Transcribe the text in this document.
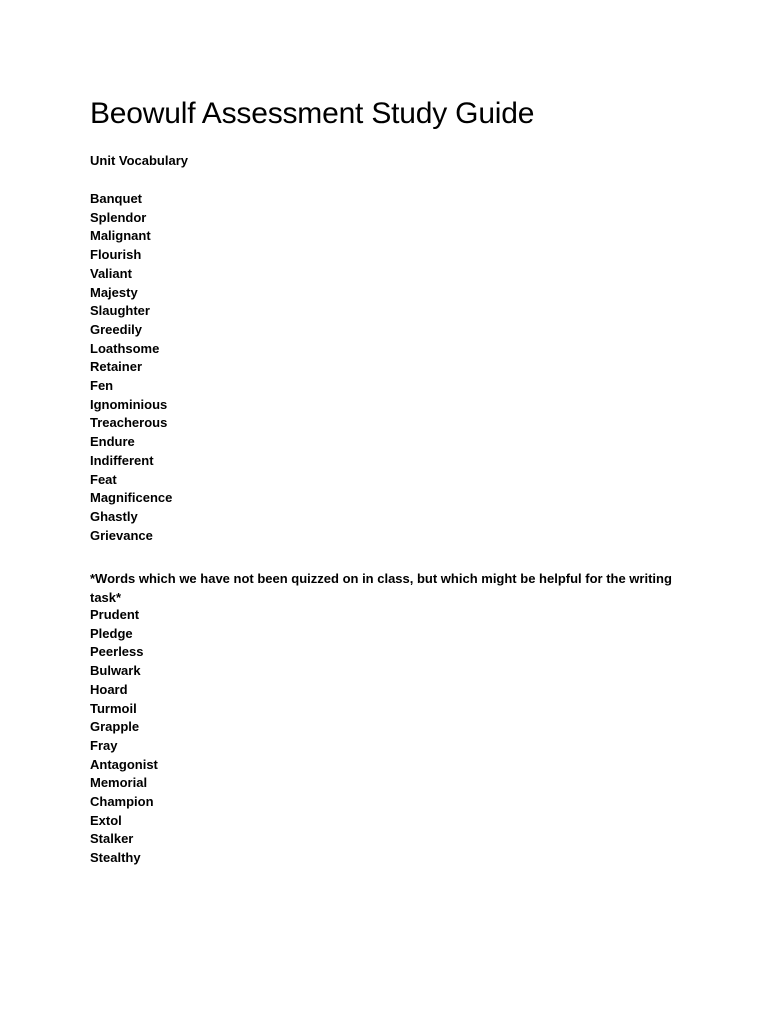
Beowulf Assessment Study Guide
Unit Vocabulary
Banquet
Splendor
Malignant
Flourish
Valiant
Majesty
Slaughter
Greedily
Loathsome
Retainer
Fen
Ignominious
Treacherous
Endure
Indifferent
Feat
Magnificence
Ghastly
Grievance

*Words which we have not been quizzed on in class, but which might be helpful for the writing task*

Prudent
Pledge
Peerless
Bulwark
Hoard
Turmoil
Grapple
Fray
Antagonist
Memorial
Champion
Extol
Stalker
Stealthy
